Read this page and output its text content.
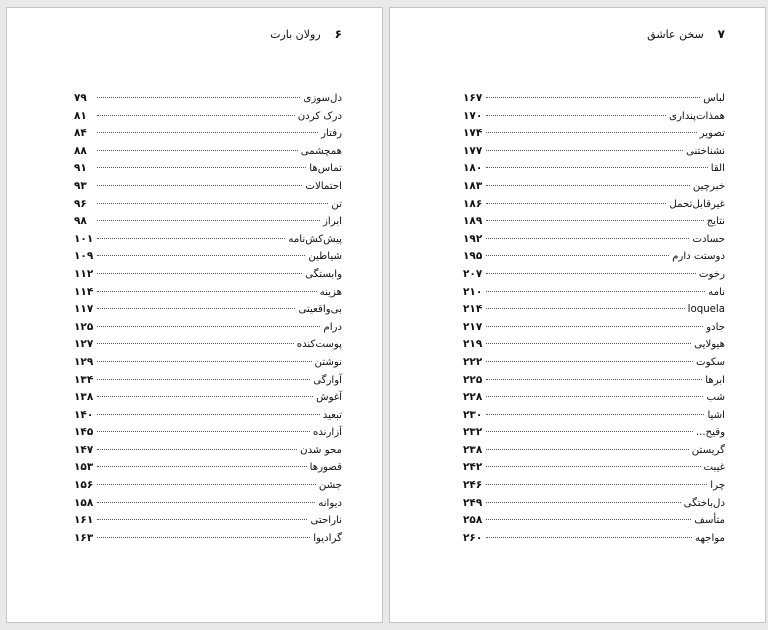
۶
رولان بارت
دل‌سوزی
۷۹
درک کردن
۸۱
رفتار
۸۴
همچشمی
۸۸
تماس‌ها
۹۱
احتمالات
۹۳
تن
۹۶
ابراز
۹۸
پیش‌کش‌نامه
۱۰۱
شیاطین
۱۰۹
وابستگی
۱۱۲
هزینه
۱۱۴
بی‌واقعیتی
۱۱۷
درام
۱۲۵
پوست‌کنده
۱۲۷
نوشتن
۱۲۹
آوارگی
۱۳۴
آغوش
۱۳۸
تبعید
۱۴۰
آزارنده
۱۴۵
محو شدن
۱۴۷
قصورها
۱۵۳
جشن
۱۵۶
دیوانه
۱۵۸
ناراحتی
۱۶۱
گرادیوا
۱۶۳
۷
سخن عاشق
لباس
۱۶۷
همذات‌پنداری
۱۷۰
تصویر
۱۷۴
نشناختنی
۱۷۷
القا
۱۸۰
خبرچین
۱۸۳
غیرقابل‌تحمل
۱۸۶
نتایج
۱۸۹
حسادت
۱۹۲
دوستت دارم
۱۹۵
رخوت
۲۰۷
نامه
۲۱۰
loquela
۲۱۴
جادو
۲۱۷
هیولایی
۲۱۹
سکوت
۲۲۲
ابرها
۲۲۵
شب
۲۲۸
اشیا
۲۳۰
وقیح...
۲۳۲
گریستن
۲۳۸
غیبت
۲۴۲
چرا
۲۴۶
دل‌باختگی
۲۴۹
متأسف
۲۵۸
مواجهه
۲۶۰
